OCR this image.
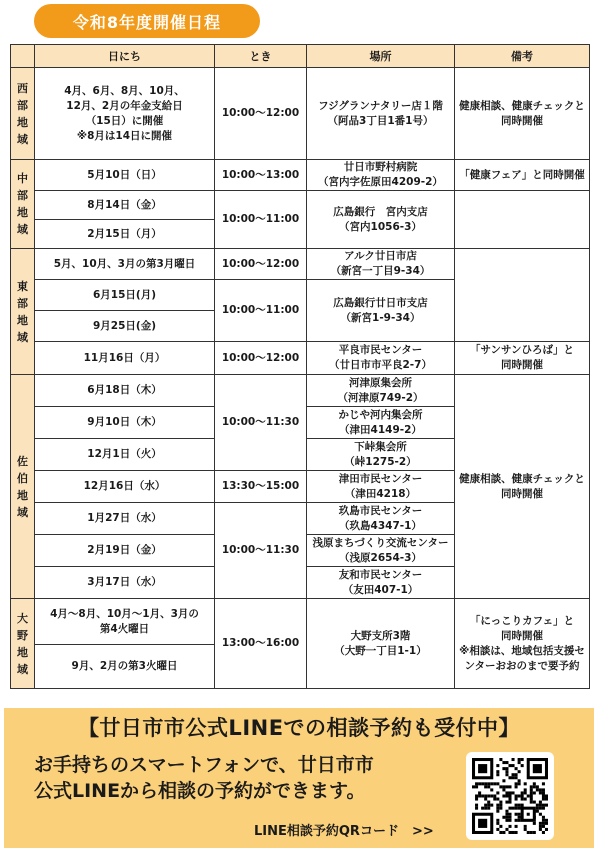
令和8年度開催日程
	日にち	とき	場所	備考
西部地域	4月、6月、8月、10月、
12月、2月の年金支給日
（15日）に開催
※8月は14日に開催	10:00～12:00	フジグランナタリー店１階
（阿品3丁目1番1号）	健康相談、健康チェックと
同時開催
中部地域	5月10日（日）	10:00～13:00	廿日市野村病院
（宮内字佐原田4209-2）	「健康フェア」と同時開催
	8月14日（金）	10:00～11:00	広島銀行　宮内支店
（宮内1056-3）	
	2月15日（月）			
東部地域	5月、10月、3月の第3月曜日	10:00～12:00	アルク廿日市店
（新宮一丁目9-34）	
	6月15日(月)	10:00～11:00	広島銀行廿日市支店
（新宮1-9-34）	
	9月25日(金)			
	11月16日（月）	10:00～12:00	平良市民センター
（廿日市市平良2-7）	「サンサンひろば」と
同時開催
佐伯地域	6月18日（木）	10:00～11:30	河津原集会所
（河津原749-2）	健康相談、健康チェックと
同時開催
	9月10日（木）		かじや河内集会所
（津田4149-2）	
	12月1日（火）		下峠集会所
（峠1275-2）	
	12月16日（水）	13:30～15:00	津田市民センター
（津田4218）	
	1月27日（水）	10:00～11:30	玖島市民センター
（玖島4347-1）	
	2月19日（金）		浅原まちづくり交流センター
（浅原2654-3）	
	3月17日（水）		友和市民センター
（友田407-1）	
大野地域	4月～8月、10月～1月、3月の
第4火曜日	13:00～16:00	大野支所3階
（大野一丁目1-1）	「にっこりカフェ」と
同時開催
※相談は、地域包括支援セ
ンターおおのまで要予約
	9月、2月の第3火曜日			
【廿日市市公式LINEでの相談予約も受付中】
お手持ちのスマートフォンで、廿日市市
公式LINEから相談の予約ができます。
LINE相談予約QRコード　>>
